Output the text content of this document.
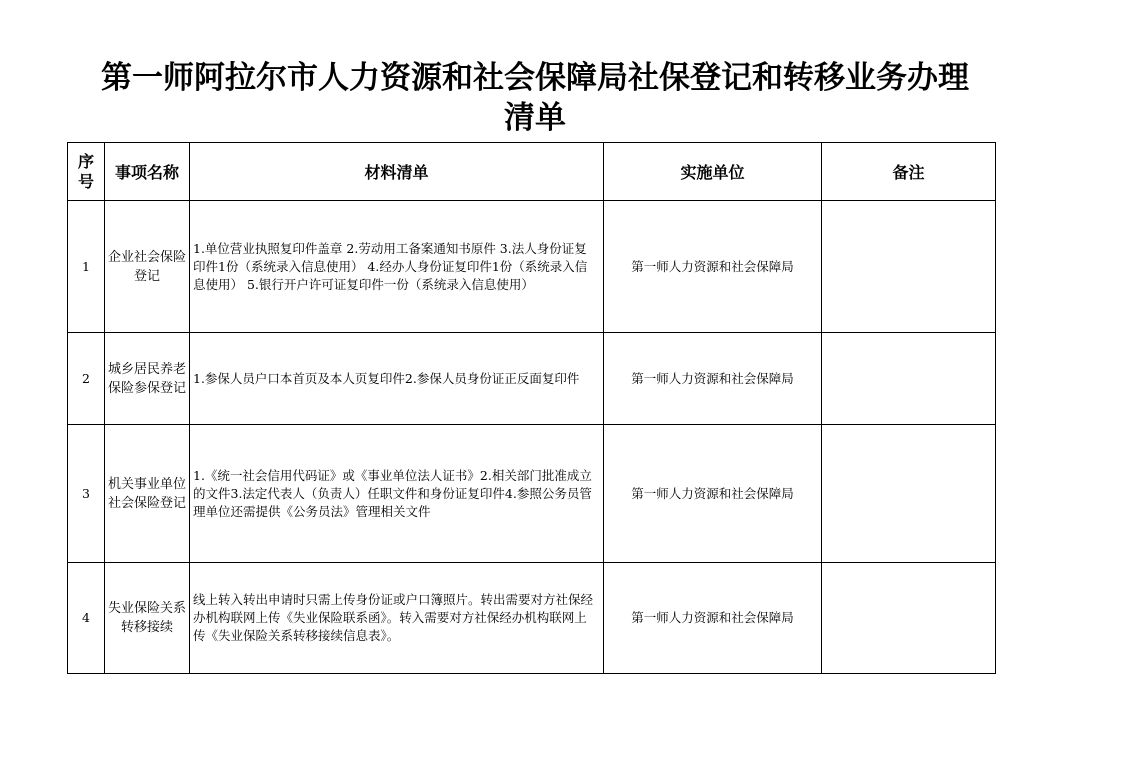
第一师阿拉尔市人力资源和社会保障局社保登记和转移业务办理
清单
序号	事项名称	材料清单	实施单位	备注
1	企业社会保险登记	1.单位营业执照复印件盖章 2.劳动用工备案通知书原件 3.法人身份证复印件1份（系统录入信息使用） 4.经办人身份证复印件1份（系统录入信息使用） 5.银行开户许可证复印件一份（系统录入信息使用）	第一师人力资源和社会保障局	
2	城乡居民养老保险参保登记	1.参保人员户口本首页及本人页复印件2.参保人员身份证正反面复印件	第一师人力资源和社会保障局	
3	机关事业单位社会保险登记	1.《统一社会信用代码证》或《事业单位法人证书》2.相关部门批准成立的文件3.法定代表人（负责人）任职文件和身份证复印件4.参照公务员管理单位还需提供《公务员法》管理相关文件	第一师人力资源和社会保障局	
4	失业保险关系转移接续	线上转入转出申请时只需上传身份证或户口簿照片。转出需要对方社保经办机构联网上传《失业保险联系函》。转入需要对方社保经办机构联网上传《失业保险关系转移接续信息表》。	第一师人力资源和社会保障局	
